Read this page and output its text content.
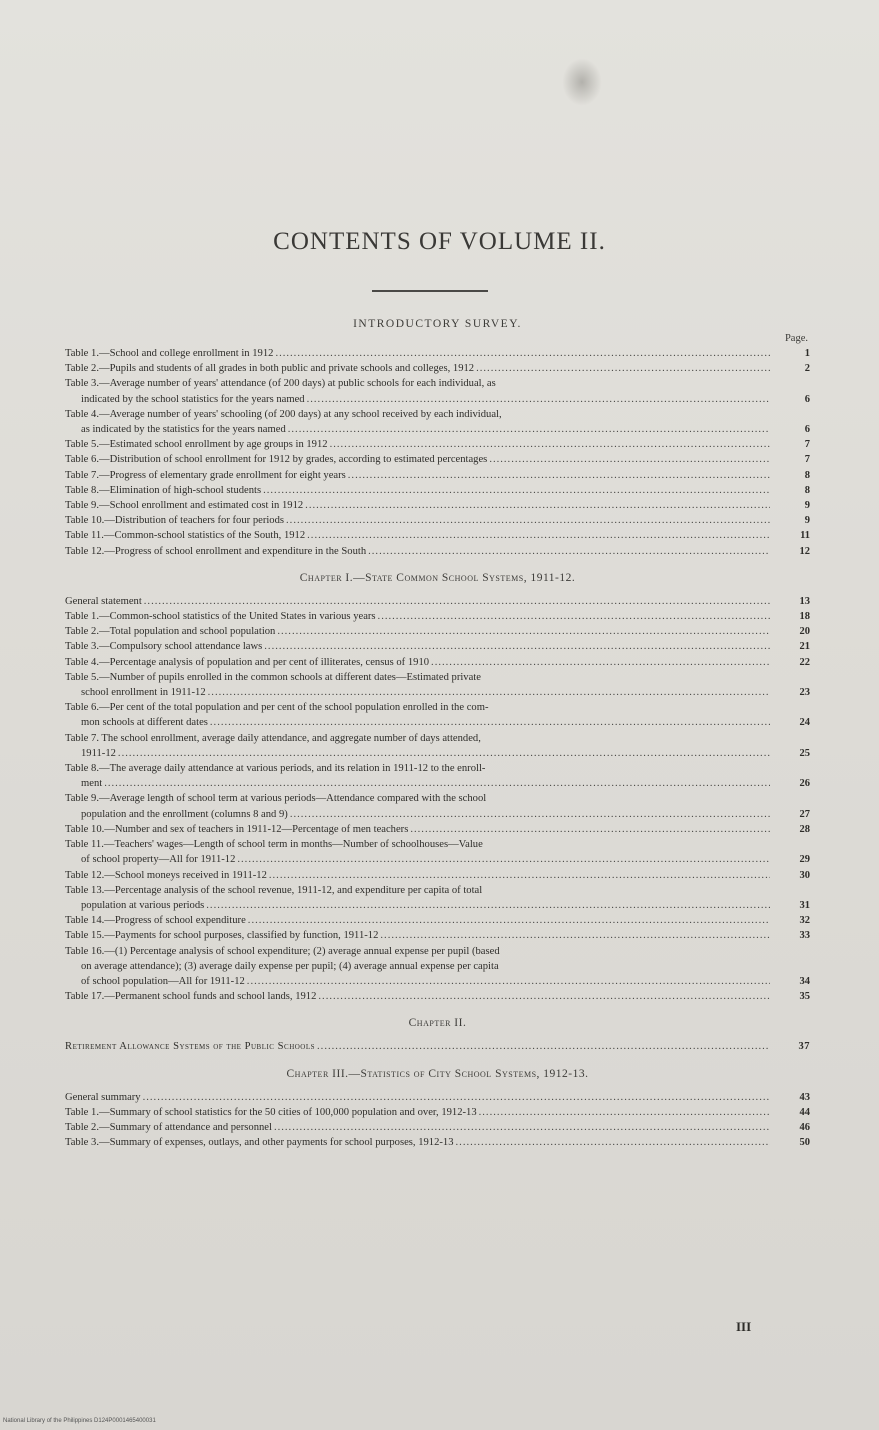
CONTENTS OF VOLUME II.
INTRODUCTORY SURVEY.
Page.
Table 1.—School and college enrollment in 1912 .....	1
Table 2.—Pupils and students of all grades in both public and private schools and colleges, 1912 .....	2
Table 3.—Average number of years' attendance (of 200 days) at public schools for each individual, as
indicated by the school statistics for the years named .....	6
Table 4.—Average number of years' schooling (of 200 days) at any school received by each individual,
as indicated by the statistics for the years named .....	6
Table 5.—Estimated school enrollment by age groups in 1912 .....	7
Table 6.—Distribution of school enrollment for 1912 by grades, according to estimated percentages .....	7
Table 7.—Progress of elementary grade enrollment for eight years .....	8
Table 8.—Elimination of high-school students .....	8
Table 9.—School enrollment and estimated cost in 1912 .....	9
Table 10.—Distribution of teachers for four periods .....	9
Table 11.—Common-school statistics of the South, 1912 .....	11
Table 12.—Progress of school enrollment and expenditure in the South .....	12
Chapter I.—State Common School Systems, 1911-12.
General statement .....	13
Table 1.—Common-school statistics of the United States in various years .....	18
Table 2.—Total population and school population .....	20
Table 3.—Compulsory school attendance laws .....	21
Table 4.—Percentage analysis of population and per cent of illiterates, census of 1910 .....	22
Table 5.—Number of pupils enrolled in the common schools at different dates—Estimated private
school enrollment in 1911-12 .....	23
Table 6.—Per cent of the total population and per cent of the school population enrolled in the com-
mon schools at different dates .....	24
Table 7. The school enrollment, average daily attendance, and aggregate number of days attended,
1911-12 .....	25
Table 8.—The average daily attendance at various periods, and its relation in 1911-12 to the enroll-
ment .....	26
Table 9.—Average length of school term at various periods—Attendance compared with the school
population and the enrollment (columns 8 and 9) .....	27
Table 10.—Number and sex of teachers in 1911-12—Percentage of men teachers .....	28
Table 11.—Teachers' wages—Length of school term in months—Number of schoolhouses—Value
of school property—All for 1911-12 .....	29
Table 12.—School moneys received in 1911-12 .....	30
Table 13.—Percentage analysis of the school revenue, 1911-12, and expenditure per capita of total
population at various periods .....	31
Table 14.—Progress of school expenditure .....	32
Table 15.—Payments for school purposes, classified by function, 1911-12 .....	33
Table 16.—(1) Percentage analysis of school expenditure; (2) average annual expense per pupil (based
on average attendance); (3) average daily expense per pupil; (4) average annual expense per capita
of school population—All for 1911-12 .....	34
Table 17.—Permanent school funds and school lands, 1912 .....	35
Chapter II.
Retirement Allowance Systems of the Public Schools .....	37
Chapter III.—Statistics of City School Systems, 1912-13.
General summary .....	43
Table 1.—Summary of school statistics for the 50 cities of 100,000 population and over, 1912-13 .....	44
Table 2.—Summary of attendance and personnel .....	46
Table 3.—Summary of expenses, outlays, and other payments for school purposes, 1912-13 .....	50
III
National Library of the Philippines D124P0001465400031
